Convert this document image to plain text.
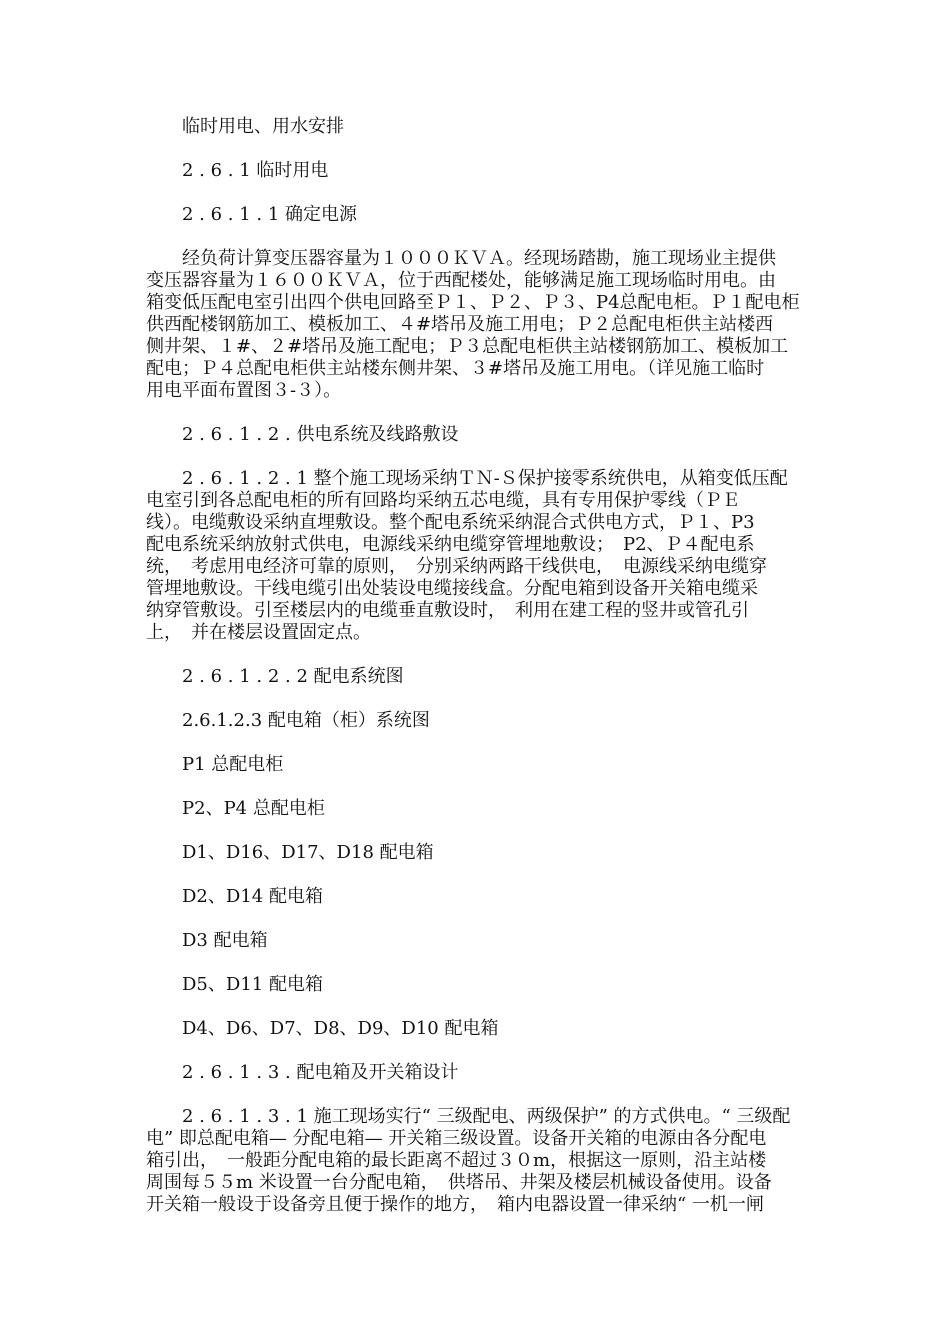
临时用电、用水安排
2 . 6 . 1 临时用电
2 . 6 . 1 . 1 确定电源
　　经负荷计算变压器容量为１０００ＫＶＡ。经现场踏勘，施工现场业主提供
变压器容量为１６００ＫＶＡ，位于西配楼处，能够满足施工现场临时用电。由
箱变低压配电室引出四个供电回路至Ｐ１、Ｐ２、Ｐ３、P4总配电柜。Ｐ１配电柜
供西配楼钢筋加工、模板加工、４#塔吊及施工用电；Ｐ２总配电柜供主站楼西
侧井架、１#、２#塔吊及施工配电；Ｐ３总配电柜供主站楼钢筋加工、模板加工
配电；Ｐ４总配电柜供主站楼东侧井架、３#塔吊及施工用电。（详见施工临时
用电平面布置图３-３）。
2 . 6 . 1 . 2 . 供电系统及线路敷设
　　2 . 6 . 1 . 2 . 1 整个施工现场采纳ＴＮ-Ｓ保护接零系统供电，从箱变低压配
电室引到各总配电柜的所有回路均采纳五芯电缆，具有专用保护零线（ＰＥ
线）。电缆敷设采纳直埋敷设。整个配电系统采纳混合式供电方式，Ｐ１、P3
配电系统采纳放射式供电，电源线采纳电缆穿管埋地敷设；　P2、Ｐ４配电系
统，　考虑用电经济可靠的原则，　分别采纳两路干线供电，　电源线采纳电缆穿
管埋地敷设。干线电缆引出处装设电缆接线盒。分配电箱到设备开关箱电缆采
纳穿管敷设。引至楼层内的电缆垂直敷设时，　利用在建工程的竖井或管孔引
上，　并在楼层设置固定点。
2 . 6 . 1 . 2 . 2 配电系统图
2.6.1.2.3 配电箱（柜）系统图
P1 总配电柜
P2、P4 总配电柜
D1、D16、D17、D18 配电箱
D2、D14 配电箱
D3 配电箱
D5、D11 配电箱
D4、D6、D7、D8、D9、D10 配电箱
2 . 6 . 1 . 3 . 配电箱及开关箱设计
　　2 . 6 . 1 . 3 . 1 施工现场实行“ 三级配电、两级保护” 的方式供电。“ 三级配
电” 即总配电箱— 分配电箱— 开关箱三级设置。设备开关箱的电源由各分配电
箱引出，　一般距分配电箱的最长距离不超过３０m，根据这一原则，沿主站楼
周围每５５m 米设置一台分配电箱，　供塔吊、井架及楼层机械设备使用。设备
开关箱一般设于设备旁且便于操作的地方，　箱内电器设置一律采纳“ 一机一闸
